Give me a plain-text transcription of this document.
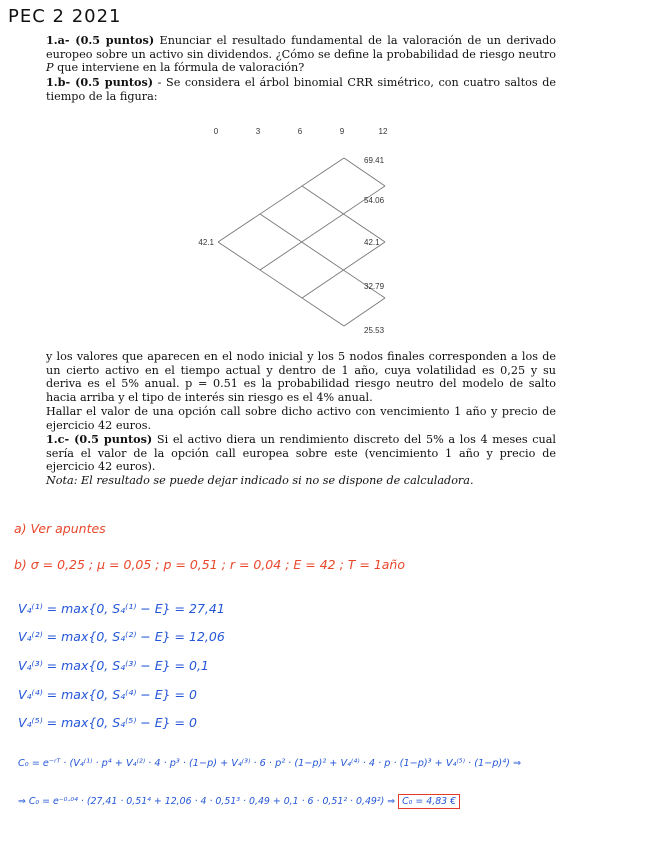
PEC 2 2021
1.a- (0.5 puntos) Enunciar el resultado fundamental de la valoración de un derivado europeo sobre un activo sin dividendos. ¿Cómo se define la probabilidad de riesgo neutro P que interviene en la fórmula de valoración?
1.b- (0.5 puntos) - Se considera el árbol binomial CRR simétrico, con cuatro saltos de tiempo de la figura:
0	3	6	9	12
42.1
69.41
54.06
42.1
32.79
25.53
y los valores que aparecen en el nodo inicial y los 5 nodos finales corresponden a los de un cierto activo en el tiempo actual y dentro de 1 año, cuya volatilidad es 0,25 y su deriva es el 5% anual. p = 0.51 es la probabilidad riesgo neutro del modelo de salto hacia arriba y el tipo de interés sin riesgo es el 4% anual.
Hallar el valor de una opción call sobre dicho activo con vencimiento 1 año y precio de ejercicio 42 euros.
1.c- (0.5 puntos) Si el activo diera un rendimiento discreto del 5% a los 4 meses cual sería el valor de la opción call europea sobre este (vencimiento 1 año y precio de ejercicio 42 euros).
Nota: El resultado se puede dejar indicado si no se dispone de calculadora.
a) Ver apuntes
b) σ = 0,25 ; μ = 0,05 ; p = 0,51 ; r = 0,04 ; E = 42 ; T = 1año
V₄⁽¹⁾ = max{0, S₄⁽¹⁾ − E} = 27,41
V₄⁽²⁾ = max{0, S₄⁽²⁾ − E} = 12,06
V₄⁽³⁾ = max{0, S₄⁽³⁾ − E} = 0,1
V₄⁽⁴⁾ = max{0, S₄⁽⁴⁾ − E} = 0
V₄⁽⁵⁾ = max{0, S₄⁽⁵⁾ − E} = 0
C₀ = e⁻ʳᵀ · (V₄⁽¹⁾ · p⁴ + V₄⁽²⁾ · 4 · p³ · (1−p) + V₄⁽³⁾ · 6 · p² · (1−p)² + V₄⁽⁴⁾ · 4 · p · (1−p)³ + V₄⁽⁵⁾ · (1−p)⁴) ⇒
⇒ C₀ = e⁻⁰·⁰⁴ · (27,41 · 0,51⁴ + 12,06 · 4 · 0,51³ · 0,49 + 0,1 · 6 · 0,51² · 0,49²) ⇒ C₀ = 4,83 €
